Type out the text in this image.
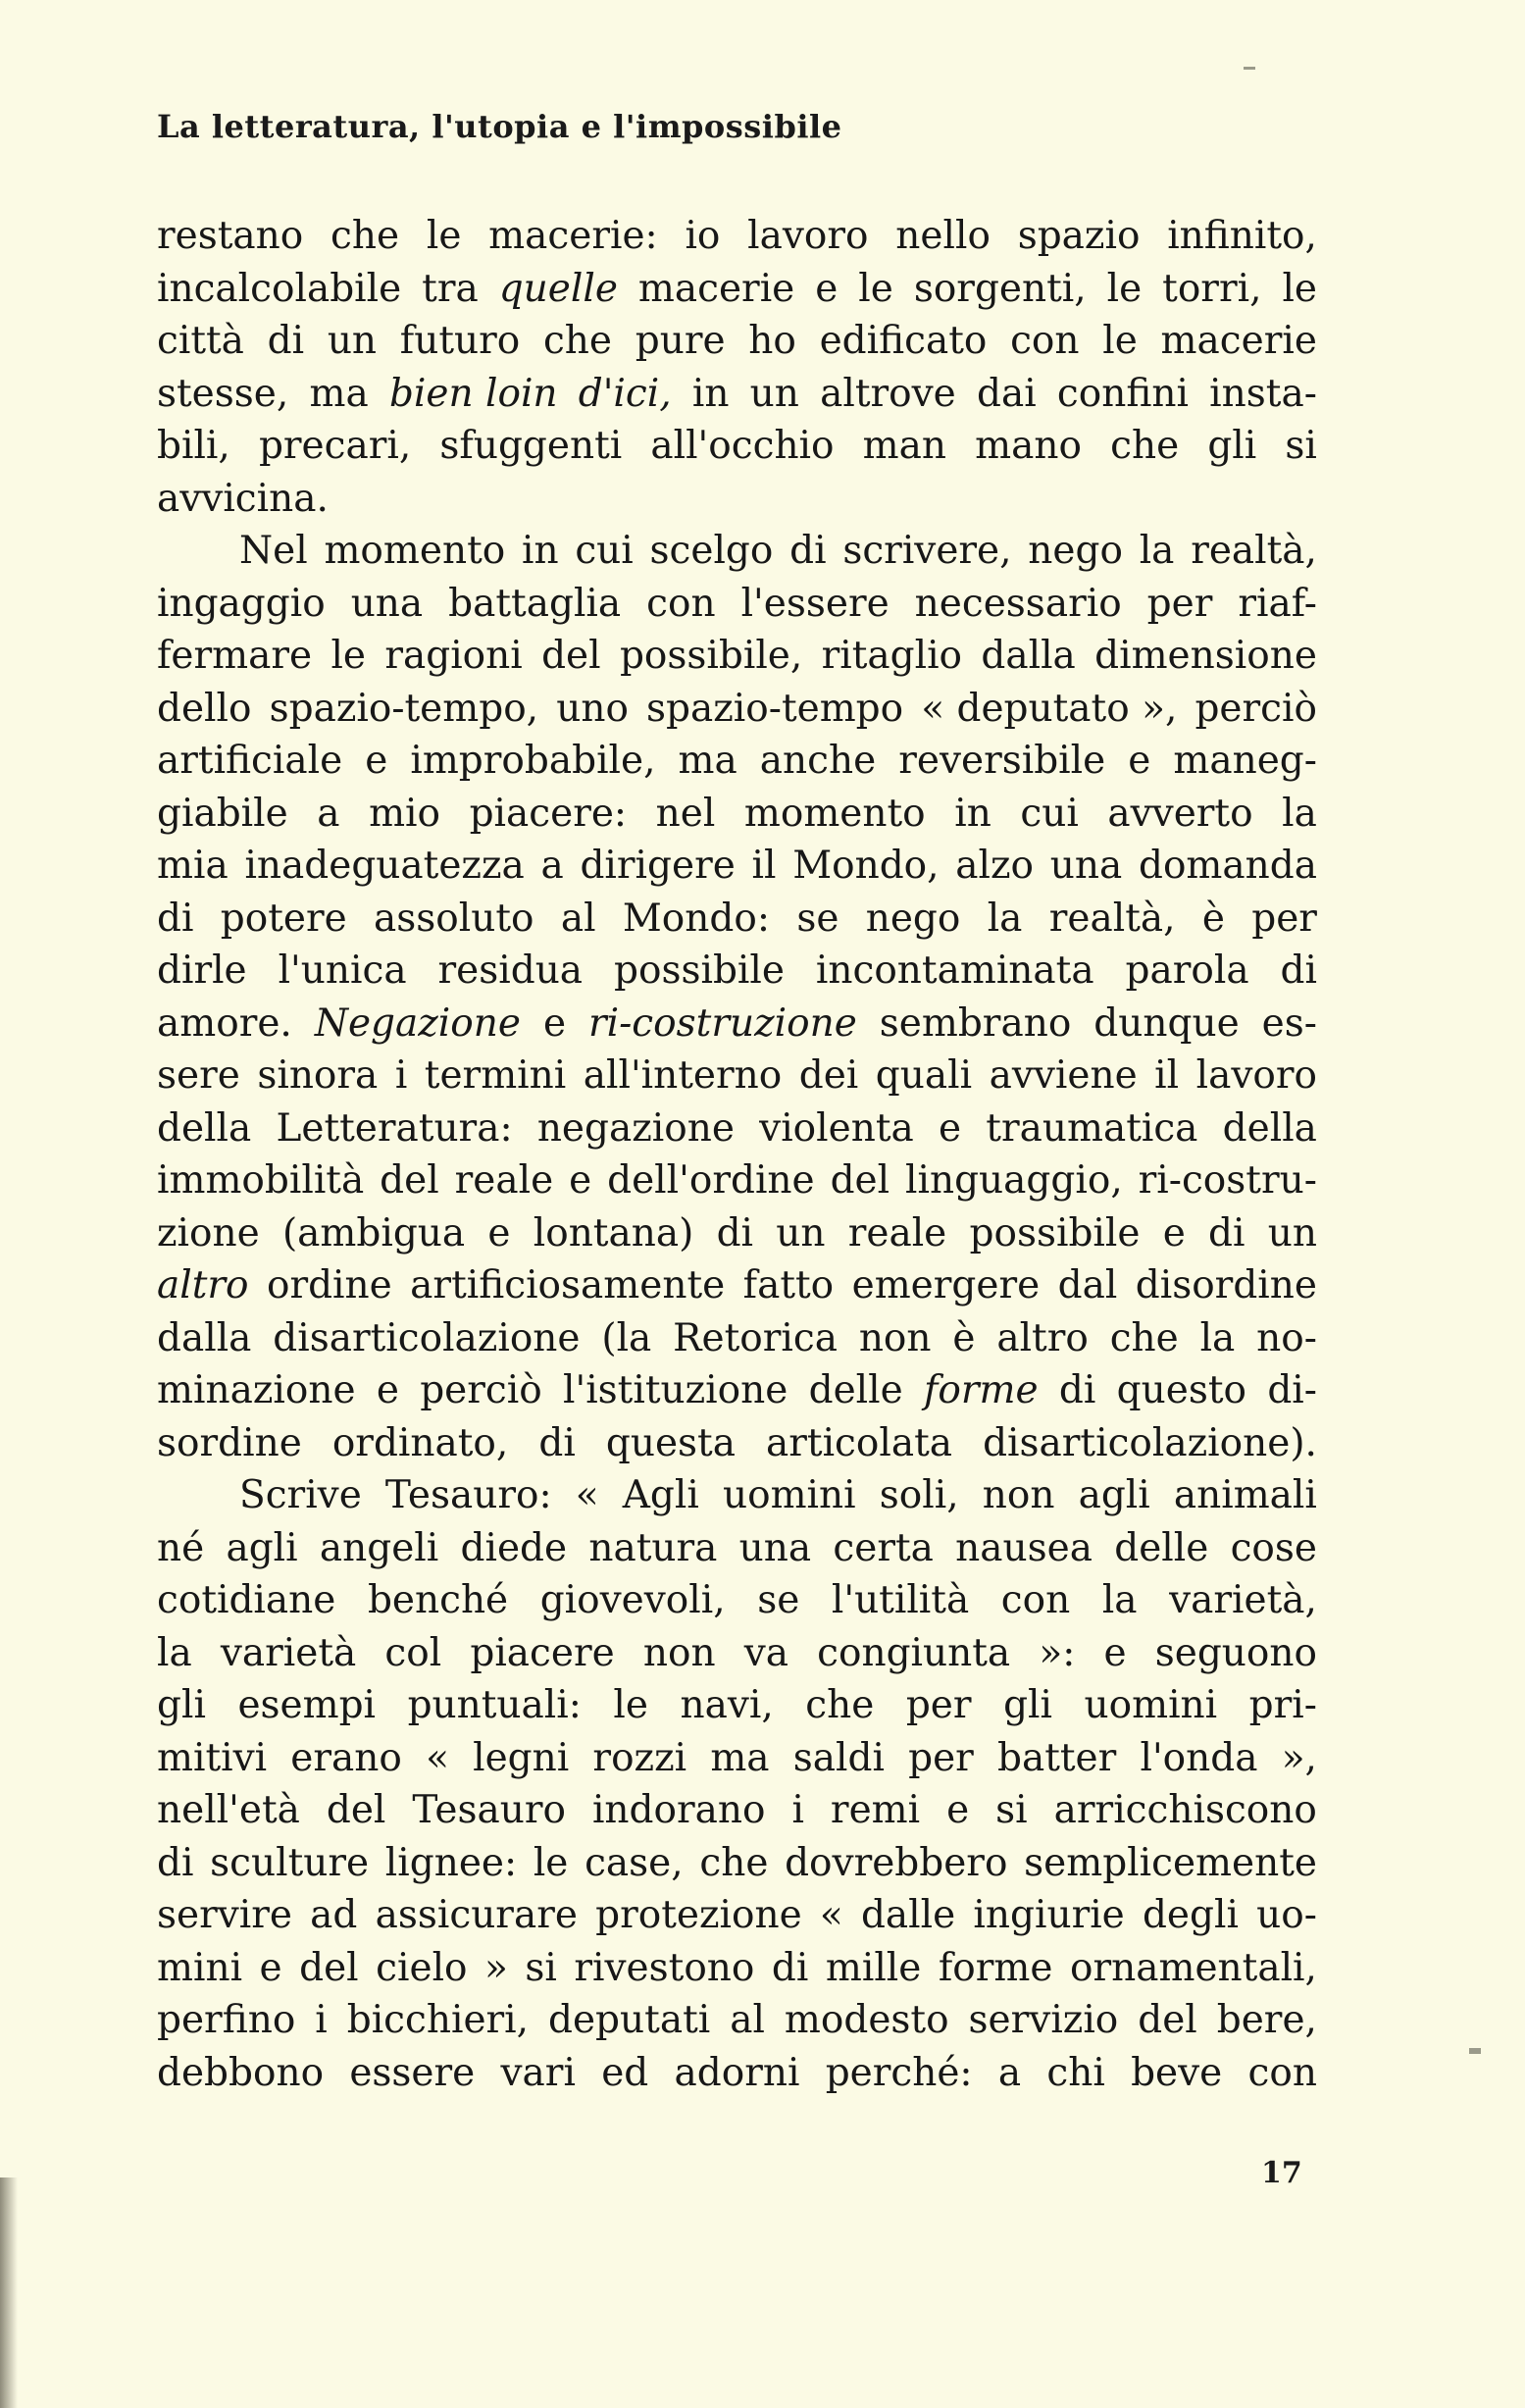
La letteratura, l'utopia e l'impossibile
restano che le macerie: io lavoro nello spazio infinito,
incalcolabile tra quelle macerie e le sorgenti, le torri, le
città di un futuro che pure ho edificato con le macerie
stesse, ma bien loin d'ici, in un altrove dai confini insta-
bili, precari, sfuggenti all'occhio man mano che gli si
avvicina.
Nel momento in cui scelgo di scrivere, nego la realtà,
ingaggio una battaglia con l'essere necessario per riaf-
fermare le ragioni del possibile, ritaglio dalla dimensione
dello spazio-tempo, uno spazio-tempo « deputato », perciò
artificiale e improbabile, ma anche reversibile e maneg-
giabile a mio piacere: nel momento in cui avverto la
mia inadeguatezza a dirigere il Mondo, alzo una domanda
di potere assoluto al Mondo: se nego la realtà, è per
dirle l'unica residua possibile incontaminata parola di
amore. Negazione e ri-costruzione sembrano dunque es-
sere sinora i termini all'interno dei quali avviene il lavoro
della Letteratura: negazione violenta e traumatica della
immobilità del reale e dell'ordine del linguaggio, ri-costru-
zione (ambigua e lontana) di un reale possibile e di un
altro ordine artificiosamente fatto emergere dal disordine
dalla disarticolazione (la Retorica non è altro che la no-
minazione e perciò l'istituzione delle forme di questo di-
sordine ordinato, di questa articolata disarticolazione).
Scrive Tesauro: « Agli uomini soli, non agli animali
né agli angeli diede natura una certa nausea delle cose
cotidiane benché giovevoli, se l'utilità con la varietà,
la varietà col piacere non va congiunta »: e seguono
gli esempi puntuali: le navi, che per gli uomini pri-
mitivi erano « legni rozzi ma saldi per batter l'onda »,
nell'età del Tesauro indorano i remi e si arricchiscono
di sculture lignee: le case, che dovrebbero semplicemente
servire ad assicurare protezione « dalle ingiurie degli uo-
mini e del cielo » si rivestono di mille forme ornamentali,
perfino i bicchieri, deputati al modesto servizio del bere,
debbono essere vari ed adorni perché: a chi beve con
17
